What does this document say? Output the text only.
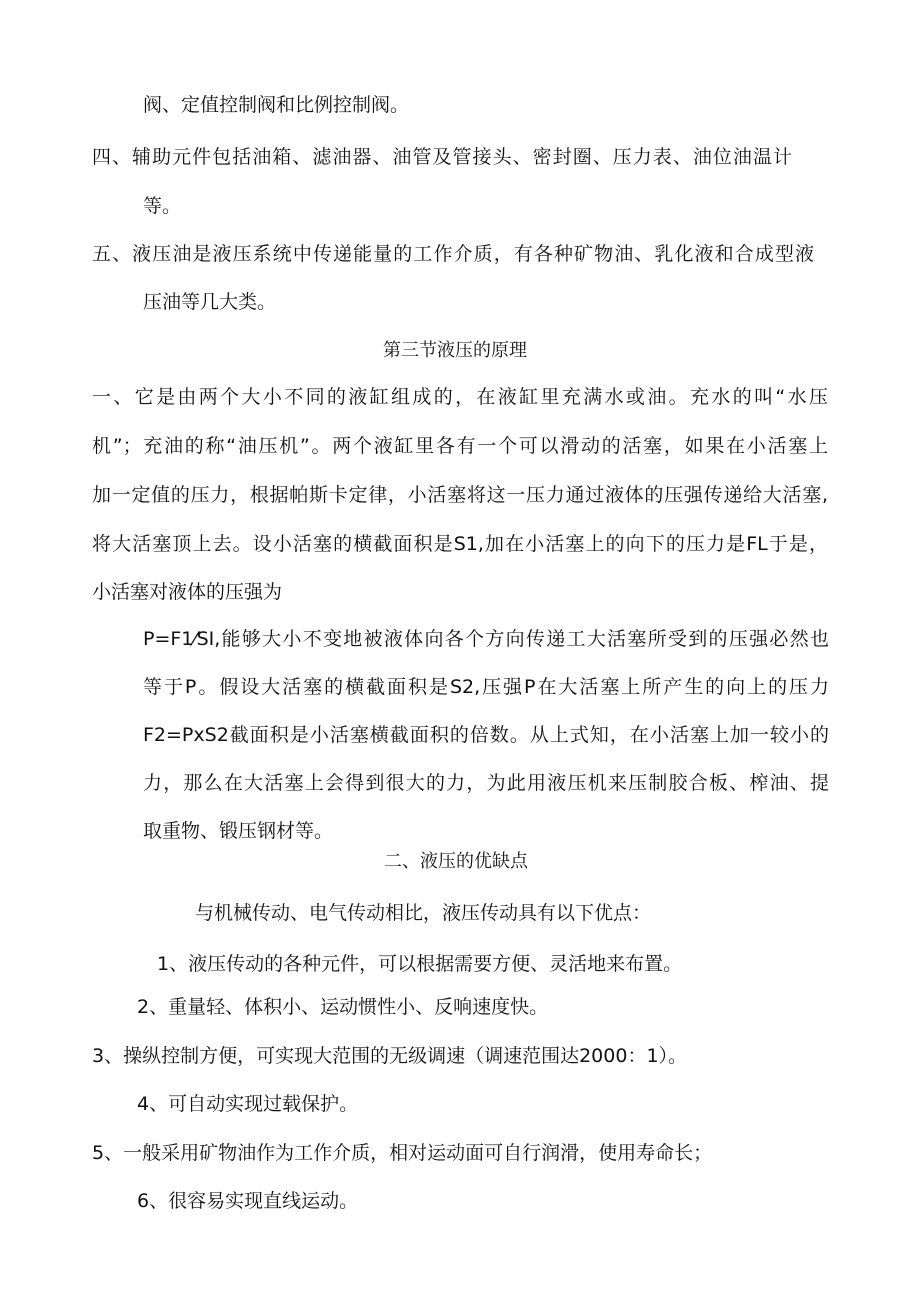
阀、定值控制阀和比例控制阀。

四、辅助元件包括油箱、滤油器、油管及管接头、密封圈、压力表、油位油温计

等。

五、液压油是液压系统中传递能量的工作介质，有各种矿物油、乳化液和合成型液

压油等几大类。

第三节液压的原理

一、它是由两个大小不同的液缸组成的，在液缸里充满水或油。充水的叫“水压

机”；充油的称“油压机”。两个液缸里各有一个可以滑动的活塞，如果在小活塞上

加一定值的压力，根据帕斯卡定律，小活塞将这一压力通过液体的压强传递给大活塞,

将大活塞顶上去。设小活塞的横截面积是S1,加在小活塞上的向下的压力是FL于是，

小活塞对液体的压强为

P=F1⁄SI,能够大小不变地被液体向各个方向传递工大活塞所受到的压强必然也

等于P。假设大活塞的横截面积是S2,压强P在大活塞上所产生的向上的压力

F2=PxS2截面积是小活塞横截面积的倍数。从上式知，在小活塞上加一较小的

力，那么在大活塞上会得到很大的力，为此用液压机来压制胶合板、榨油、提

取重物、锻压钢材等。

二、液压的优缺点

与机械传动、电气传动相比，液压传动具有以下优点：

1、液压传动的各种元件，可以根据需要方便、灵活地来布置。

2、重量轻、体积小、运动惯性小、反响速度快。

3、操纵控制方便，可实现大范围的无级调速（调速范围达2000：1）。

4、可自动实现过载保护。

5、一般采用矿物油作为工作介质，相对运动面可自行润滑，使用寿命长；

6、很容易实现直线运动。
